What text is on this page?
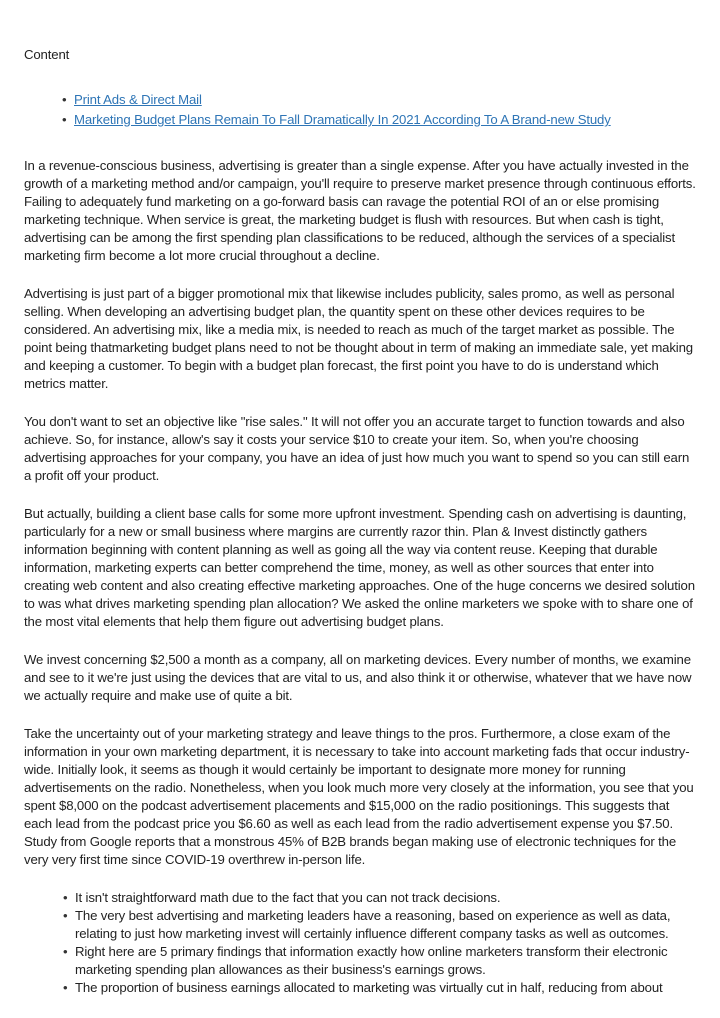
Content
• Print Ads & Direct Mail
• Marketing Budget Plans Remain To Fall Dramatically In 2021 According To A Brand-new Study

In a revenue-conscious business, advertising is greater than a single expense. After you have actually invested in the growth of a marketing method and/or campaign, you'll require to preserve market presence through continuous efforts. Failing to adequately fund marketing on a go-forward basis can ravage the potential ROI of an or else promising marketing technique. When service is great, the marketing budget is flush with resources. But when cash is tight, advertising can be among the first spending plan classifications to be reduced, although the services of a specialist marketing firm become a lot more crucial throughout a decline.

Advertising is just part of a bigger promotional mix that likewise includes publicity, sales promo, as well as personal selling. When developing an advertising budget plan, the quantity spent on these other devices requires to be considered. An advertising mix, like a media mix, is needed to reach as much of the target market as possible. The point being thatmarketing budget plans need to not be thought about in term of making an immediate sale, yet making and keeping a customer. To begin with a budget plan forecast, the first point you have to do is understand which metrics matter.

You don't want to set an objective like "rise sales." It will not offer you an accurate target to function towards and also achieve. So, for instance, allow's say it costs your service $10 to create your item. So, when you're choosing advertising approaches for your company, you have an idea of just how much you want to spend so you can still earn a profit off your product.

But actually, building a client base calls for some more upfront investment. Spending cash on advertising is daunting, particularly for a new or small business where margins are currently razor thin. Plan & Invest distinctly gathers information beginning with content planning as well as going all the way via content reuse. Keeping that durable information, marketing experts can better comprehend the time, money, as well as other sources that enter into creating web content and also creating effective marketing approaches. One of the huge concerns we desired solution to was what drives marketing spending plan allocation? We asked the online marketers we spoke with to share one of the most vital elements that help them figure out advertising budget plans.

We invest concerning $2,500 a month as a company, all on marketing devices. Every number of months, we examine and see to it we're just using the devices that are vital to us, and also think it or otherwise, whatever that we have now we actually require and make use of quite a bit.

Take the uncertainty out of your marketing strategy and leave things to the pros. Furthermore, a close exam of the information in your own marketing department, it is necessary to take into account marketing fads that occur industry-wide. Initially look, it seems as though it would certainly be important to designate more money for running advertisements on the radio. Nonetheless, when you look much more very closely at the information, you see that you spent $8,000 on the podcast advertisement placements and $15,000 on the radio positionings. This suggests that each lead from the podcast price you $6.60 as well as each lead from the radio advertisement expense you $7.50. Study from Google reports that a monstrous 45% of B2B brands began making use of electronic techniques for the very very first time since COVID-19 overthrew in-person life.

• It isn't straightforward math due to the fact that you can not track decisions.
• The very best advertising and marketing leaders have a reasoning, based on experience as well as data, relating to just how marketing invest will certainly influence different company tasks as well as outcomes.
• Right here are 5 primary findings that information exactly how online marketers transform their electronic marketing spending plan allowances as their business's earnings grows.
• The proportion of business earnings allocated to marketing was virtually cut in half, reducing from about
